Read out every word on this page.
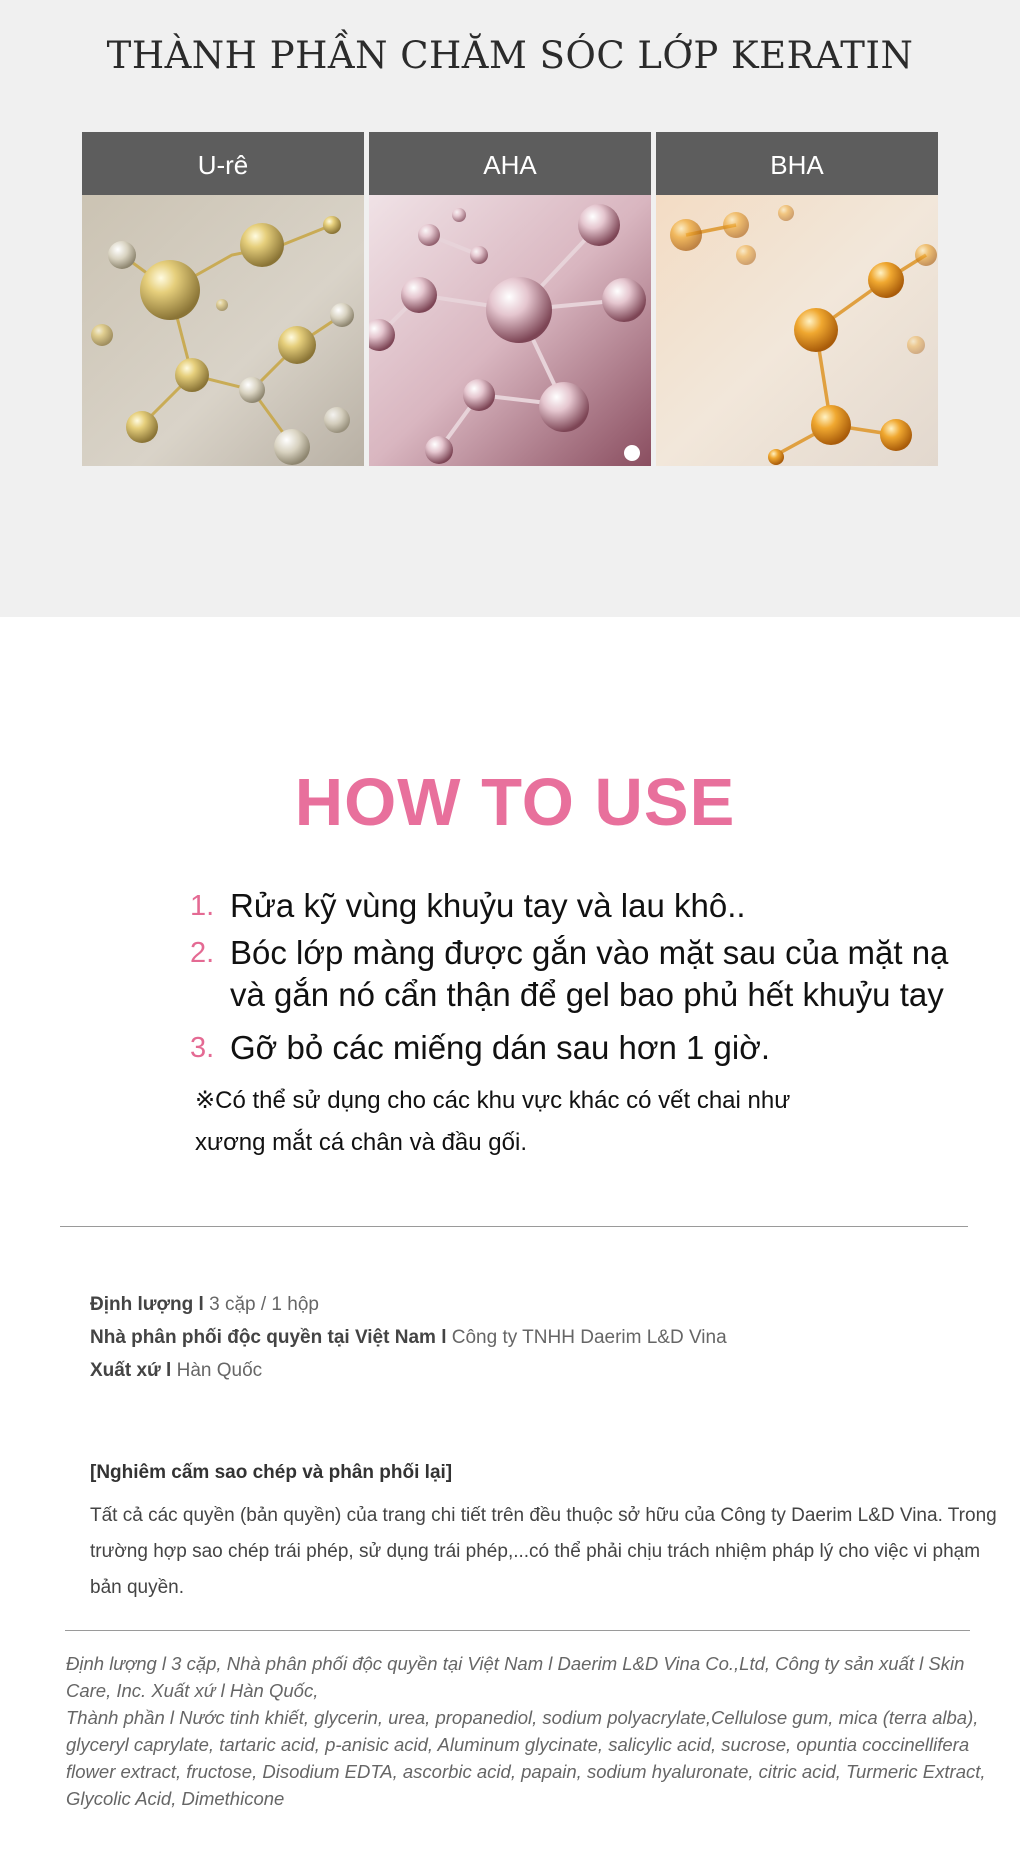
THÀNH PHẦN CHĂM SÓC LỚP KERATIN
U-rê	AHA	BHA
HOW TO USE
1. Rửa kỹ vùng khuỷu tay và lau khô..
2. Bóc lớp màng được gắn vào mặt sau của mặt nạ
và gắn nó cẩn thận để gel bao phủ hết khuỷu tay
3. Gỡ bỏ các miếng dán sau hơn 1 giờ.
※Có thể sử dụng cho các khu vực khác có vết chai như
xương mắt cá chân và đầu gối.
Định lượng l 3 cặp / 1 hộp
Nhà phân phối độc quyền tại Việt Nam l Công ty TNHH Daerim L&D Vina
Xuất xứ l Hàn Quốc
[Nghiêm cấm sao chép và phân phối lại]

Tất cả các quyền (bản quyền) của trang chi tiết trên đều thuộc sở hữu của Công ty Daerim L&D Vina. Trong trường hợp sao chép trái phép, sử dụng trái phép,...có thể phải chịu trách nhiệm pháp lý cho việc vi phạm bản quyền.

Định lượng l 3 cặp, Nhà phân phối độc quyền tại Việt Nam l Daerim L&D Vina Co.,Ltd, Công ty sản xuất l Skin Care, Inc. Xuất xứ l Hàn Quốc,
Thành phần l Nước tinh khiết, glycerin, urea, propanediol, sodium polyacrylate,Cellulose gum, mica (terra alba), glyceryl caprylate, tartaric acid, p-anisic acid, Aluminum glycinate, salicylic acid, sucrose, opuntia coccinellifera flower extract, fructose, Disodium EDTA, ascorbic acid, papain, sodium hyaluronate, citric acid, Turmeric Extract, Glycolic Acid, Dimethicone
